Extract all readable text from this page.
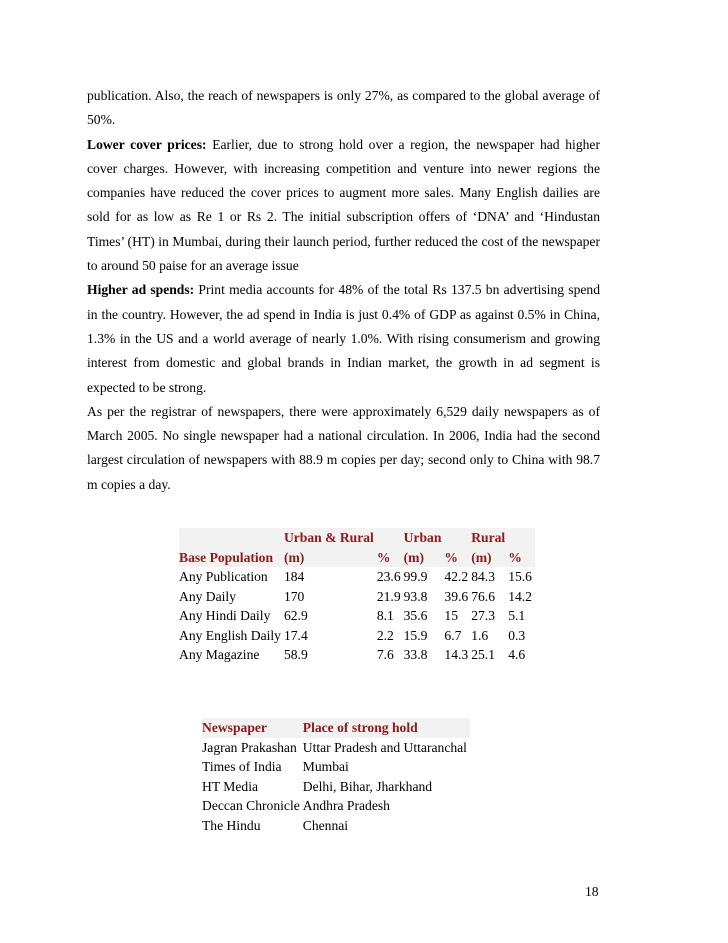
publication. Also, the reach of newspapers is only 27%, as compared to the global average of 50%.

Lower cover prices: Earlier, due to strong hold over a region, the newspaper had higher cover charges. However, with increasing competition and venture into newer regions the companies have reduced the cover prices to augment more sales. Many English dailies are sold for as low as Re 1 or Rs 2. The initial subscription offers of ‘DNA’ and ‘Hindustan Times’ (HT) in Mumbai, during their launch period, further reduced the cost of the newspaper to around 50 paise for an average issue

Higher ad spends: Print media accounts for 48% of the total Rs 137.5 bn advertising spend in the country. However, the ad spend in India is just 0.4% of GDP as against 0.5% in China, 1.3% in the US and a world average of nearly 1.0%. With rising consumerism and growing interest from domestic and global brands in Indian market, the growth in ad segment is expected to be strong.

As per the registrar of newspapers, there were approximately 6,529 daily newspapers as of March 2005. No single newspaper had a national circulation. In 2006, India had the second largest circulation of newspapers with 88.9 m copies per day; second only to China with 98.7 m copies a day.

	Urban & Rural		Urban		Rural	
Base Population	(m)	%	(m)	%	(m)	%
Any Publication	184	23.6	99.9	42.2	84.3	15.6
Any Daily	170	21.9	93.8	39.6	76.6	14.2
Any Hindi Daily	62.9	8.1	35.6	15	27.3	5.1
Any English Daily	17.4	2.2	15.9	6.7	1.6	0.3
Any Magazine	58.9	7.6	33.8	14.3	25.1	4.6
Newspaper	Place of strong hold
Jagran Prakashan	Uttar Pradesh and Uttaranchal
Times of India	Mumbai
HT Media	Delhi, Bihar, Jharkhand
Deccan Chronicle	Andhra Pradesh
The Hindu	Chennai
18
